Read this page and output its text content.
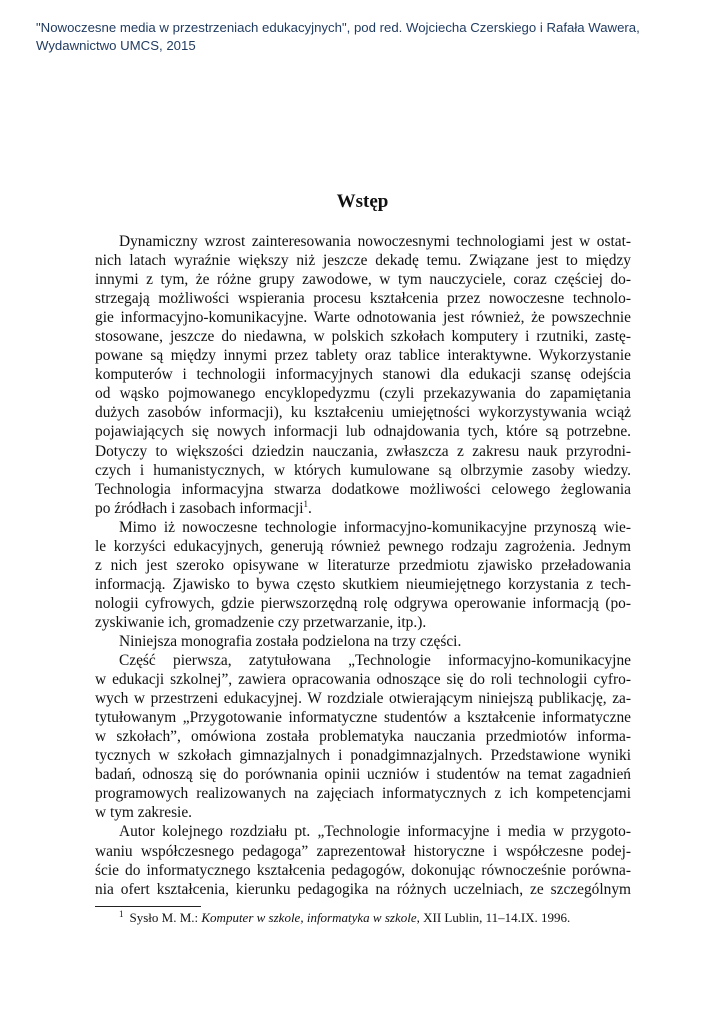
"Nowoczesne media w przestrzeniach edukacyjnych", pod red. Wojciecha Czerskiego i Rafała Wawera,
Wydawnictwo UMCS, 2015
Wstęp
Dynamiczny wzrost zainteresowania nowoczesnymi technologiami jest w ostat-
nich latach wyraźnie większy niż jeszcze dekadę temu. Związane jest to między
innymi z tym, że różne grupy zawodowe, w tym nauczyciele, coraz częściej do-
strzegają możliwości wspierania procesu kształcenia przez nowoczesne technolo-
gie informacyjno-komunikacyjne. Warte odnotowania jest również, że powszechnie
stosowane, jeszcze do niedawna, w polskich szkołach komputery i rzutniki, zastę-
powane są między innymi przez tablety oraz tablice interaktywne. Wykorzystanie
komputerów i technologii informacyjnych stanowi dla edukacji szansę odejścia
od wąsko pojmowanego encyklopedyzmu (czyli przekazywania do zapamiętania
dużych zasobów informacji), ku kształceniu umiejętności wykorzystywania wciąż
pojawiających się nowych informacji lub odnajdowania tych, które są potrzebne.
Dotyczy to większości dziedzin nauczania, zwłaszcza z zakresu nauk przyrodni-
czych i humanistycznych, w których kumulowane są olbrzymie zasoby wiedzy.
Technologia informacyjna stwarza dodatkowe możliwości celowego żeglowania
po źródłach i zasobach informacji$^1$.
Mimo iż nowoczesne technologie informacyjno-komunikacyjne przynoszą wie-
le korzyści edukacyjnych, generują również pewnego rodzaju zagrożenia. Jednym
z nich jest szeroko opisywane w literaturze przedmiotu zjawisko przeładowania
informacją. Zjawisko to bywa często skutkiem nieumiejętnego korzystania z tech-
nologii cyfrowych, gdzie pierwszorzędną rolę odgrywa operowanie informacją (po-
zyskiwanie ich, gromadzenie czy przetwarzanie, itp.).
Niniejsza monografia została podzielona na trzy części.
Część pierwsza, zatytułowana „Technologie informacyjno-komunikacyjne
w edukacji szkolnej”, zawiera opracowania odnoszące się do roli technologii cyfro-
wych w przestrzeni edukacyjnej. W rozdziale otwierającym niniejszą publikację, za-
tytułowanym „Przygotowanie informatyczne studentów a kształcenie informatyczne
w szkołach”, omówiona została problematyka nauczania przedmiotów informa-
tycznych w szkołach gimnazjalnych i ponadgimnazjalnych. Przedstawione wyniki
badań, odnoszą się do porównania opinii uczniów i studentów na temat zagadnień
programowych realizowanych na zajęciach informatycznych z ich kompetencjami
w tym zakresie.
Autor kolejnego rozdziału pt. „Technologie informacyjne i media w przygoto-
waniu współczesnego pedagoga” zaprezentował historyczne i współczesne podej-
ście do informatycznego kształcenia pedagogów, dokonując równocześnie porówna-
nia ofert kształcenia, kierunku pedagogika na różnych uczelniach, ze szczególnym
$^1$ Sysło M. M.: Komputer w szkole, informatyka w szkole, XII Lublin, 11–14.IX. 1996.
